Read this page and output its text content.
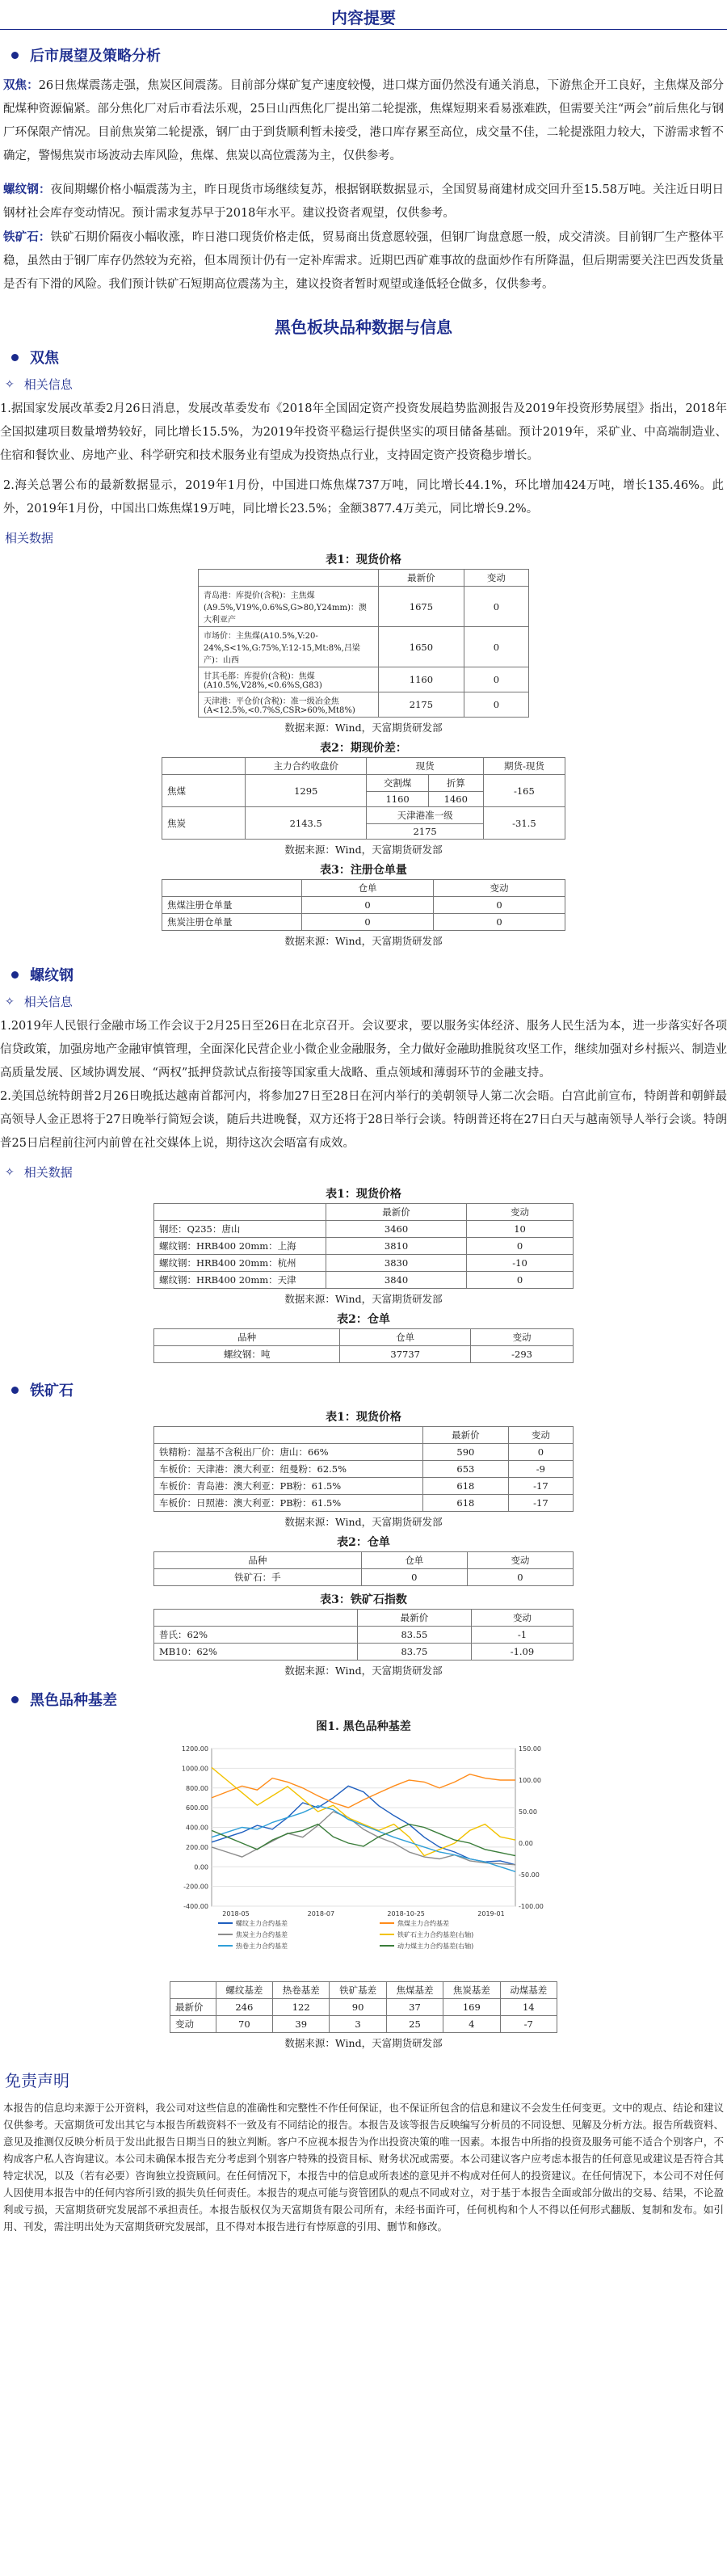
内容提要
后市展望及策略分析

双焦：26日焦煤震荡走强，焦炭区间震荡。目前部分煤矿复产速度较慢，进口煤方面仍然没有通关消息，下游焦企开工良好，主焦煤及部分配煤种资源偏紧。部分焦化厂对后市看法乐观，25日山西焦化厂提出第二轮提涨，焦煤短期来看易涨难跌，但需要关注“两会”前后焦化与钢厂环保限产情况。目前焦炭第二轮提涨，钢厂由于到货顺利暂未接受，港口库存累至高位，成交量不佳，二轮提涨阻力较大，下游需求暂不确定，警惕焦炭市场波动去库风险，焦煤、焦炭以高位震荡为主，仅供参考。

螺纹钢：夜间期螺价格小幅震荡为主，昨日现货市场继续复苏，根据钢联数据显示，全国贸易商建材成交回升至15.58万吨。关注近日明日钢材社会库存变动情况。预计需求复苏早于2018年水平。建议投资者观望，仅供参考。

铁矿石：铁矿石期价隔夜小幅收涨，昨日港口现货价格走低，贸易商出货意愿较强，但钢厂询盘意愿一般，成交清淡。目前钢厂生产整体平稳，虽然由于钢厂库存仍然较为充裕，但本周预计仍有一定补库需求。近期巴西矿难事故的盘面炒作有所降温，但后期需要关注巴西发货量是否有下滑的风险。我们预计铁矿石短期高位震荡为主，建议投资者暂时观望或逢低轻仓做多，仅供参考。

黑色板块品种数据与信息
双焦
✧ 相关信息

1.据国家发展改革委2月26日消息，发展改革委发布《2018年全国固定资产投资发展趋势监测报告及2019年投资形势展望》指出，2018年全国拟建项目数量增势较好，同比增长15.5%，为2019年投资平稳运行提供坚实的项目储备基础。预计2019年，采矿业、中高端制造业、住宿和餐饮业、房地产业、科学研究和技术服务业有望成为投资热点行业，支持固定资产投资稳步增长。

2.海关总署公布的最新数据显示，2019年1月份，中国进口炼焦煤737万吨，同比增长44.1%，环比增加424万吨，增长135.46%。此外，2019年1月份，中国出口炼焦煤19万吨，同比增长23.5%；金额3877.4万美元，同比增长9.2%。

相关数据
表1：现货价格
	最新价	变动
青岛港：库提价(含税)：主焦煤(A9.5%,V19%,0.6%S,G>80,Y24mm)：澳大利亚产	1675	0
市场价：主焦煤(A10.5%,V:20-24%,S<1%,G:75%,Y:12-15,Mt:8%,吕梁产)：山西	1650	0
甘其毛都：库提价(含税)：焦煤(A10.5%,V28%,<0.6%S,G83)	1160	0
天津港：平仓价(含税)：准一级冶金焦(A<12.5%,<0.7%S,CSR>60%,Mt8%)	2175	0
数据来源：Wind，天富期货研发部
表2：期现价差：
	主力合约收盘价	现货		期货-现货
焦煤	1295	交割煤	折算	-165
		1160	1460	
焦炭	2143.5	天津港准一级		-31.5
		2175		
数据来源：Wind，天富期货研发部
表3：注册仓单量
	仓单	变动
焦煤注册仓单量	0	0
焦炭注册仓单量	0	0
数据来源：Wind，天富期货研发部
螺纹钢
✧ 相关信息

1.2019年人民银行金融市场工作会议于2月25日至26日在北京召开。会议要求，要以服务实体经济、服务人民生活为本，进一步落实好各项信贷政策，加强房地产金融审慎管理，全面深化民营企业小微企业金融服务，全力做好金融助推脱贫攻坚工作，继续加强对乡村振兴、制造业高质量发展、区域协调发展、“两权”抵押贷款试点衔接等国家重大战略、重点领域和薄弱环节的金融支持。

2.美国总统特朗普2月26日晚抵达越南首都河内，将参加27日至28日在河内举行的美朝领导人第二次会晤。白宫此前宣布，特朗普和朝鲜最高领导人金正恩将于27日晚举行简短会谈，随后共进晚餐，双方还将于28日举行会谈。特朗普还将在27日白天与越南领导人举行会谈。特朗普25日启程前往河内前曾在社交媒体上说，期待这次会晤富有成效。

✧ 相关数据
表1：现货价格
	最新价	变动
钢坯：Q235：唐山	3460	10
螺纹钢：HRB400 20mm：上海	3810	0
螺纹钢：HRB400 20mm：杭州	3830	-10
螺纹钢：HRB400 20mm：天津	3840	0
数据来源：Wind，天富期货研发部
表2：仓单
品种	仓单	变动
螺纹钢：吨	37737	-293
铁矿石
表1：现货价格
	最新价	变动
铁精粉：湿基不含税出厂价：唐山：66%	590	0
车板价：天津港：澳大利亚：纽曼粉：62.5%	653	-9
车板价：青岛港：澳大利亚：PB粉：61.5%	618	-17
车板价：日照港：澳大利亚：PB粉：61.5%	618	-17
数据来源：Wind，天富期货研发部
表2：仓单
品种	仓单	变动
铁矿石：手	0	0
表3：铁矿石指数
	最新价	变动
普氏：62%	83.55	-1
MB10：62%	83.75	-1.09
数据来源：Wind，天富期货研发部
黑色品种基差
图1. 黑色品种基差
1200.00
1000.00
800.00
600.00
400.00
200.00
0.00
-200.00
-400.00
150.00
100.00
50.00
0.00
-50.00
-100.00
2018-05	2018-07	2018-10-25	2019-01
螺纹主力合约基差	焦煤主力合约基差
焦炭主力合约基差	铁矿石主力合约基差(右轴)
热卷主力合约基差	动力煤主力合约基差(右轴)
	螺纹基差	热卷基差	铁矿基差	焦煤基差	焦炭基差	动煤基差
最新价	246	122	90	37	169	14
变动	70	39	3	25	4	-7
数据来源：Wind，天富期货研发部
免责声明

本报告的信息均来源于公开资料，我公司对这些信息的准确性和完整性不作任何保证，也不保证所包含的信息和建议不会发生任何变更。文中的观点、结论和建议仅供参考。天富期货可发出其它与本报告所载资料不一致及有不同结论的报告。本报告及该等报告反映编写分析员的不同设想、见解及分析方法。报告所载资料、意见及推测仅反映分析员于发出此报告日期当日的独立判断。客户不应视本报告为作出投资决策的唯一因素。本报告中所指的投资及服务可能不适合个别客户，不构成客户私人咨询建议。本公司未确保本报告充分考虑到个别客户特殊的投资目标、财务状况或需要。本公司建议客户应考虑本报告的任何意见或建议是否符合其特定状况，以及（若有必要）咨询独立投资顾问。在任何情况下，本报告中的信息或所表述的意见并不构成对任何人的投资建议。在任何情况下，本公司不对任何人因使用本报告中的任何内容所引致的损失负任何责任。本报告的观点可能与资管团队的观点不同或对立，对于基于本报告全面或部分做出的交易、结果，不论盈利或亏损，天富期货研究发展部不承担责任。本报告版权仅为天富期货有限公司所有，未经书面许可，任何机构和个人不得以任何形式翻版、复制和发布。如引用、刊发，需注明出处为天富期货研究发展部，且不得对本报告进行有悖原意的引用、删节和修改。
